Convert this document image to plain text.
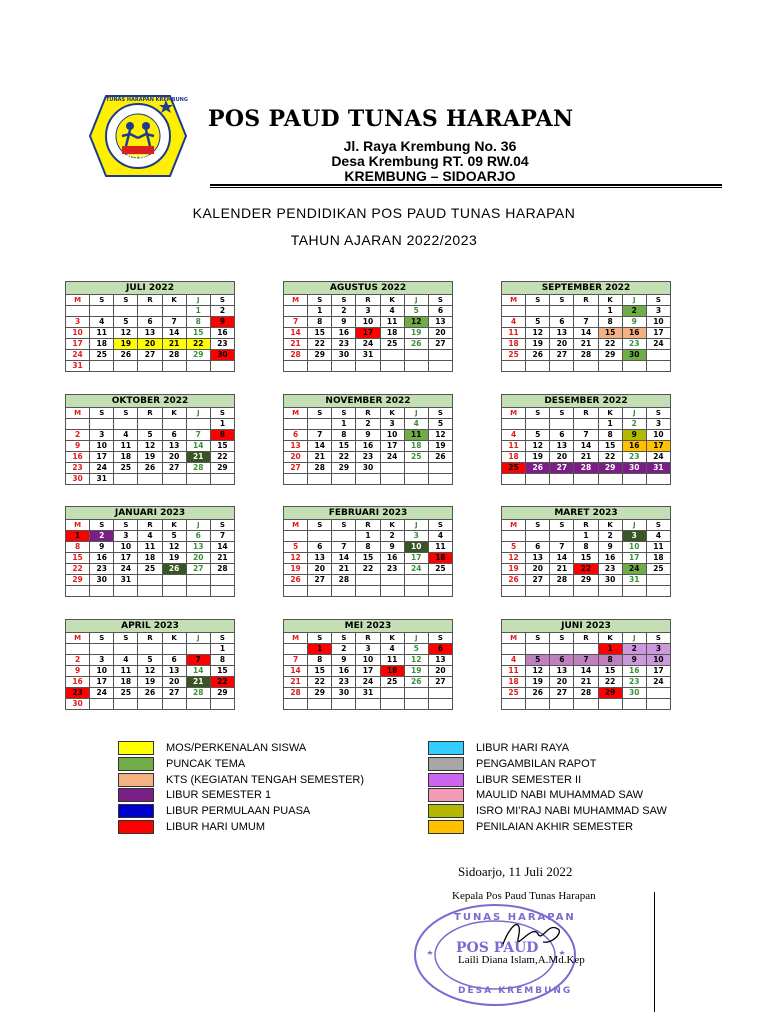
TUNAS HARAPAN KREMBUNG
POS PAUD
POS PAUD TUNAS HARAPAN
Jl. Raya Krembung No. 36
Desa Krembung RT. 09 RW.04
KREMBUNG – SIDOARJO
KALENDER PENDIDIKAN POS PAUD TUNAS HARAPAN
TAHUN AJARAN 2022/2023
JULI 2022						
M	S	S	R	K	J	S
					1	2
3	4	5	6	7	8	9
10	11	12	13	14	15	16
17	18	19	20	21	22	23
24	25	26	27	28	29	30
31						
AGUSTUS 2022						
M	S	S	R	K	J	S
	1	2	3	4	5	6
7	8	9	10	11	12	13
14	15	16	17	18	19	20
21	22	23	24	25	26	27
28	29	30	31			

SEPTEMBER 2022						
M	S	S	R	K	J	S
				1	2	3
4	5	6	7	8	9	10
11	12	13	14	15	16	17
18	19	20	21	22	23	24
25	26	27	28	29	30	

OKTOBER 2022						
M	S	S	R	K	J	S
						1
2	3	4	5	6	7	8
9	10	11	12	13	14	15
16	17	18	19	20	21	22
23	24	25	26	27	28	29
30	31					
NOVEMBER 2022						
M	S	S	R	K	J	S
		1	2	3	4	5
6	7	8	9	10	11	12
13	14	15	16	17	18	19
20	21	22	23	24	25	26
27	28	29	30			

DESEMBER 2022						
M	S	S	R	K	J	S
				1	2	3
4	5	6	7	8	9	10
11	12	13	14	15	16	17
18	19	20	21	22	23	24
25	26	27	28	29	30	31

JANUARI 2023						
M	S	S	R	K	J	S
1	2	3	4	5	6	7
8	9	10	11	12	13	14
15	16	17	18	19	20	21
22	23	24	25	26	27	28
29	30	31				

FEBRUARI 2023						
M	S	S	R	K	J	S
			1	2	3	4
5	6	7	8	9	10	11
12	13	14	15	16	17	18
19	20	21	22	23	24	25
26	27	28				

MARET 2023						
M	S	S	R	K	J	S
			1	2	3	4
5	6	7	8	9	10	11
12	13	14	15	16	17	18
19	20	21	22	23	24	25
26	27	28	29	30	31	

APRIL 2023						
M	S	S	R	K	J	S
						1
2	3	4	5	6	7	8
9	10	11	12	13	14	15
16	17	18	19	20	21	22
23	24	25	26	27	28	29
30						
MEI 2023						
M	S	S	R	K	J	S
	1	2	3	4	5	6
7	8	9	10	11	12	13
14	15	16	17	18	19	20
21	22	23	24	25	26	27
28	29	30	31			

JUNI 2023						
M	S	S	R	K	J	S
				1	2	3
4	5	6	7	8	9	10
11	12	13	14	15	16	17
18	19	20	21	22	23	24
25	26	27	28	29	30	

MOS/PERKENALAN SISWA
PUNCAK TEMA
KTS (KEGIATAN TENGAH SEMESTER)
LIBUR SEMESTER 1
LIBUR PERMULAAN PUASA
LIBUR HARI UMUM
LIBUR HARI RAYA
PENGAMBILAN RAPOT
LIBUR SEMESTER II
MAULID NABI MUHAMMAD SAW
ISRO MI’RAJ NABI MUHAMMAD SAW
PENILAIAN AKHIR SEMESTER
Sidoarjo, 11 Juli 2022
TUNAS HARAPAN
POS PAUD
DESA KREMBUNG
Kepala Pos Paud Tunas Harapan
Laili Diana Islam,A.Md.Kep
